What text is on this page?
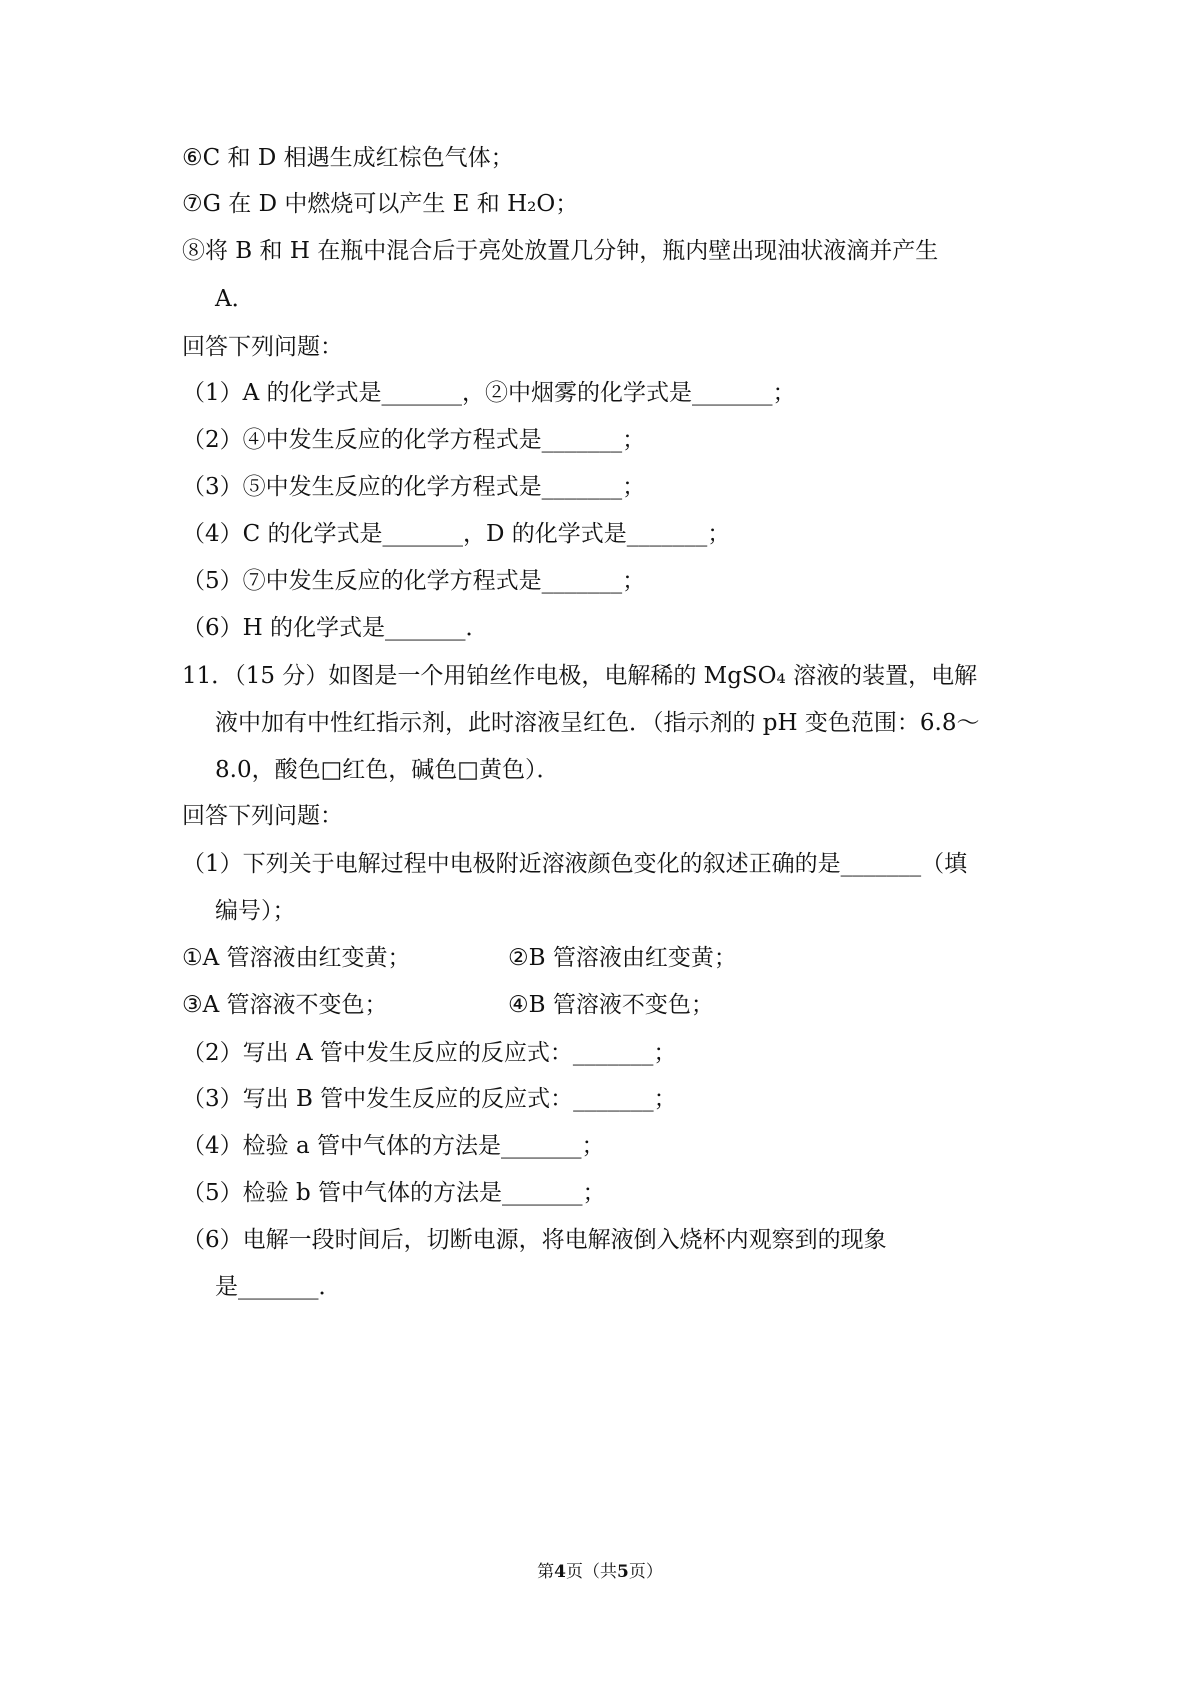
⑥C 和 D 相遇生成红棕色气体；
⑦G 在 D 中燃烧可以产生 E 和 H₂O；
⑧将 B 和 H 在瓶中混合后于亮处放置几分钟，瓶内壁出现油状液滴并产生
A．
回答下列问题：
（1）A 的化学式是_______，②中烟雾的化学式是_______；
（2）④中发生反应的化学方程式是_______；
（3）⑤中发生反应的化学方程式是_______；
（4）C 的化学式是_______，D 的化学式是_______；
（5）⑦中发生反应的化学方程式是_______；
（6）H 的化学式是_______．
11．（15 分）如图是一个用铂丝作电极，电解稀的 MgSO₄ 溶液的装置，电解
液中加有中性红指示剂，此时溶液呈红色．（指示剂的 pH 变色范围：6.8～
8.0，酸色□红色，碱色□黄色）．
回答下列问题：
（1）下列关于电解过程中电极附近溶液颜色变化的叙述正确的是_______（填
编号）；
①A 管溶液由红变黄；	②B 管溶液由红变黄；
③A 管溶液不变色；	④B 管溶液不变色；
（2）写出 A 管中发生反应的反应式：_______；
（3）写出 B 管中发生反应的反应式：_______；
（4）检验 a 管中气体的方法是_______；
（5）检验 b 管中气体的方法是_______；
（6）电解一段时间后，切断电源，将电解液倒入烧杯内观察到的现象
是_______．
第4页（共5页）
